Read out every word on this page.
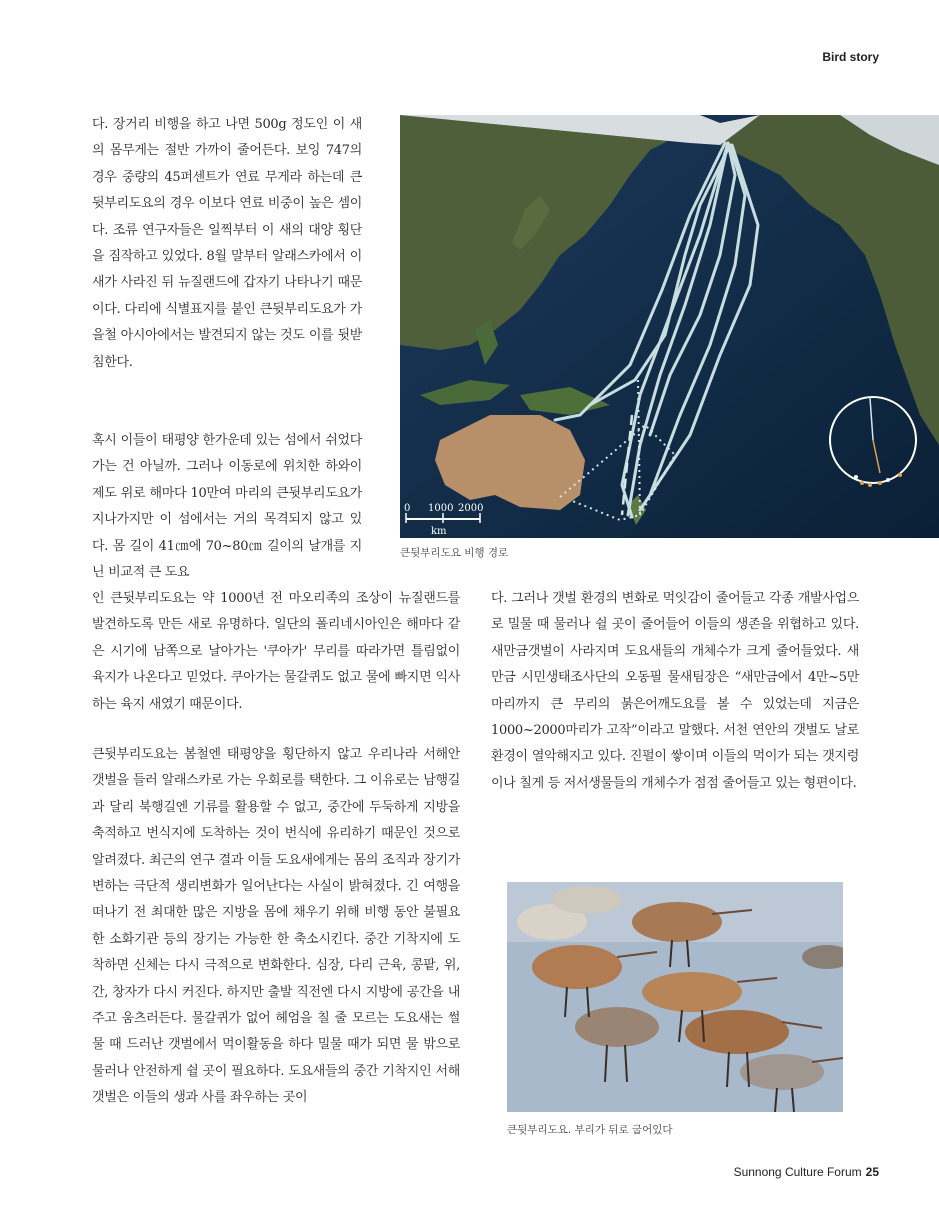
Bird story

다. 장거리 비행을 하고 나면 500g 정도인 이 새의 몸무게는 절반 가까이 줄어든다. 보잉 747의 경우 중량의 45퍼센트가 연료 무게라 하는데 큰뒷부리도요의 경우 이보다 연료 비중이 높은 셈이다. 조류 연구자들은 일찍부터 이 새의 대양 횡단을 짐작하고 있었다. 8월 말부터 알래스카에서 이 새가 사라진 뒤 뉴질랜드에 갑자기 나타나기 때문이다. 다리에 식별표지를 붙인 큰뒷부리도요가 가을철 아시아에서는 발견되지 않는 것도 이를 뒷받침한다.

혹시 이들이 태평양 한가운데 있는 섬에서 쉬었다 가는 건 아닐까. 그러나 이동로에 위치한 하와이제도 위로 해마다 10만여 마리의 큰뒷부리도요가 지나가지만 이 섬에서는 거의 목격되지 않고 있다. 몸 길이 41㎝에 70~80㎝ 길이의 날개를 지닌 비교적 큰 도요

인 큰뒷부리도요는 약 1000년 전 마오리족의 조상이 뉴질랜드를 발견하도록 만든 새로 유명하다. 일단의 폴리네시아인은 해마다 같은 시기에 남쪽으로 날아가는 '쿠아가' 무리를 따라가면 틀림없이 육지가 나온다고 믿었다. 쿠아가는 물갈퀴도 없고 물에 빠지면 익사하는 육지 새였기 때문이다.

큰뒷부리도요는 봄철엔 태평양을 횡단하지 않고 우리나라 서해안 갯벌을 들러 알래스카로 가는 우회로를 택한다. 그 이유로는 남행길과 달리 북행길엔 기류를 활용할 수 없고, 중간에 두둑하게 지방을 축적하고 번식지에 도착하는 것이 번식에 유리하기 때문인 것으로 알려졌다. 최근의 연구 결과 이들 도요새에게는 몸의 조직과 장기가 변하는 극단적 생리변화가 일어난다는 사실이 밝혀졌다. 긴 여행을 떠나기 전 최대한 많은 지방을 몸에 채우기 위해 비행 동안 불필요한 소화기관 등의 장기는 가능한 한 축소시킨다. 중간 기착지에 도착하면 신체는 다시 극적으로 변화한다. 심장, 다리 근육, 콩팥, 위, 간, 창자가 다시 커진다. 하지만 출발 직전엔 다시 지방에 공간을 내주고 움츠러든다. 물갈퀴가 없어 헤엄을 칠 줄 모르는 도요새는 썰물 때 드러난 갯벌에서 먹이활동을 하다 밀물 때가 되면 물 밖으로 물러나 안전하게 쉴 곳이 필요하다. 도요새들의 중간 기착지인 서해갯벌은 이들의 생과 사를 좌우하는 곳이

다. 그러나 갯벌 환경의 변화로 먹잇감이 줄어들고 각종 개발사업으로 밀물 때 물러나 쉴 곳이 줄어들어 이들의 생존을 위협하고 있다. 새만금갯벌이 사라지며 도요새들의 개체수가 크게 줄어들었다. 새만금 시민생태조사단의 오동필 물새팀장은 “새만금에서 4만~5만마리까지 큰 무리의 붉은어깨도요를 볼 수 있었는데 지금은 1000~2000마리가 고작”이라고 말했다. 서천 연안의 갯벌도 날로 환경이 열악해지고 있다. 진펄이 쌓이며 이들의 먹이가 되는 갯지렁이나 칠게 등 저서생물들의 개체수가 점점 줄어들고 있는 형편이다.

0 1000 2000
km
큰뒷부리도요 비행 경로
큰뒷부리도요. 부리가 뒤로 굽어있다
Sunnong Culture Forum 25
